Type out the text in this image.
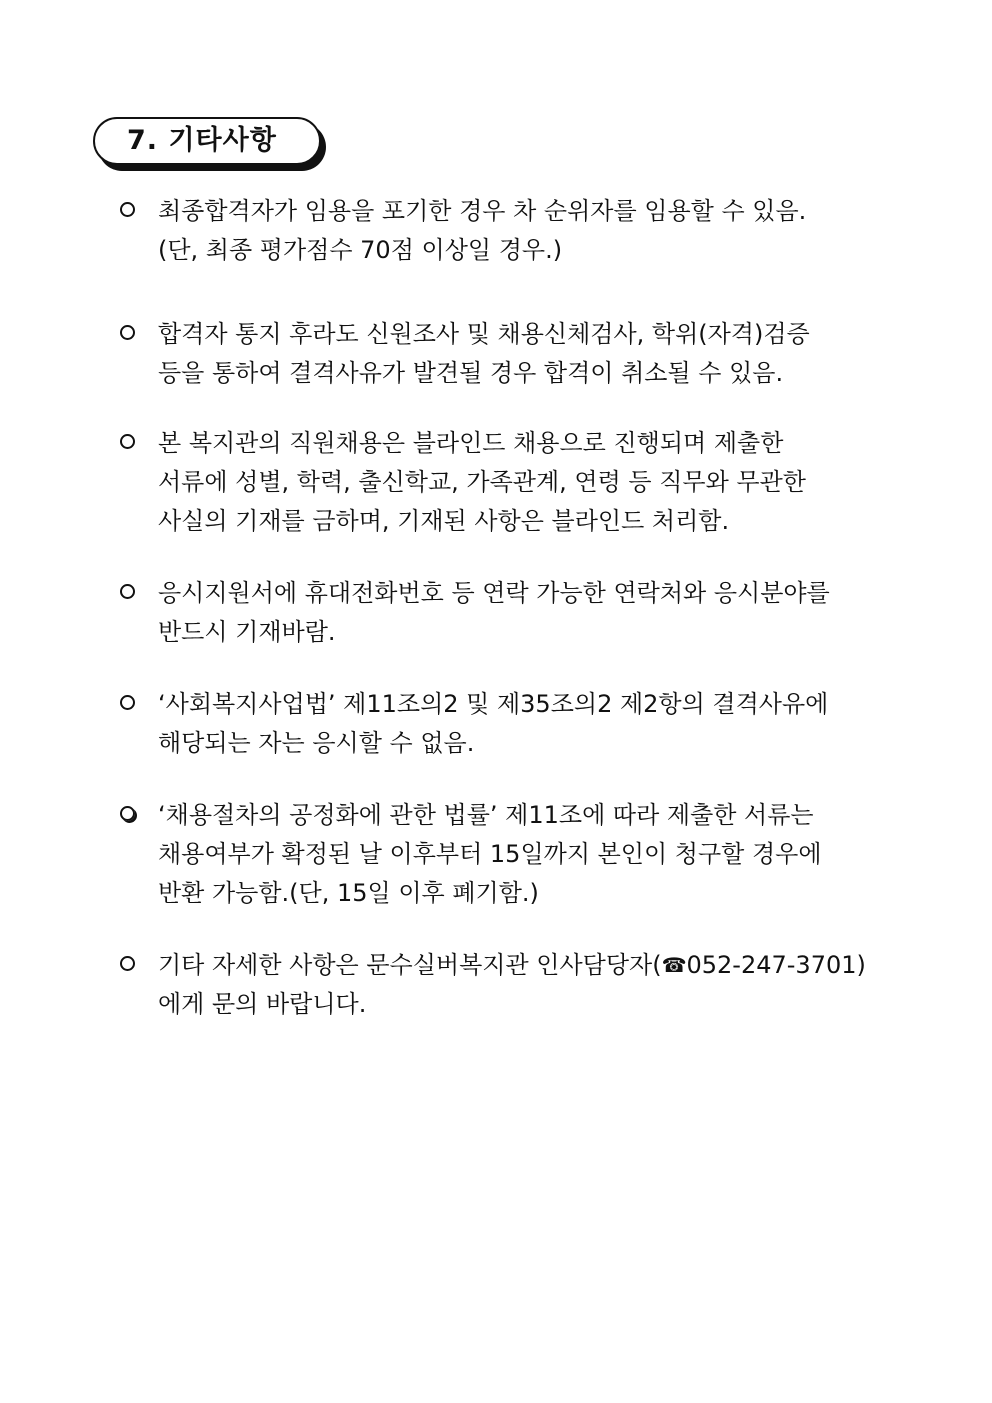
7. 기타사항
최종합격자가 임용을 포기한 경우 차 순위자를 임용할 수 있음.
(단, 최종 평가점수 70점 이상일 경우.)
합격자 통지 후라도 신원조사 및 채용신체검사, 학위(자격)검증
등을 통하여 결격사유가 발견될 경우 합격이 취소될 수 있음.
본 복지관의 직원채용은 블라인드 채용으로 진행되며 제출한
서류에 성별, 학력, 출신학교, 가족관계, 연령 등 직무와 무관한
사실의 기재를 금하며, 기재된 사항은 블라인드 처리함.
응시지원서에 휴대전화번호 등 연락 가능한 연락처와 응시분야를
반드시 기재바람.
‘사회복지사업법’ 제11조의2 및 제35조의2 제2항의 결격사유에
해당되는 자는 응시할 수 없음.
‘채용절차의 공정화에 관한 법률’ 제11조에 따라 제출한 서류는
채용여부가 확정된 날 이후부터 15일까지 본인이 청구할 경우에
반환 가능함.(단, 15일 이후 폐기함.)
기타 자세한 사항은 문수실버복지관 인사담당자(☎052-247-3701)
에게 문의 바랍니다.
